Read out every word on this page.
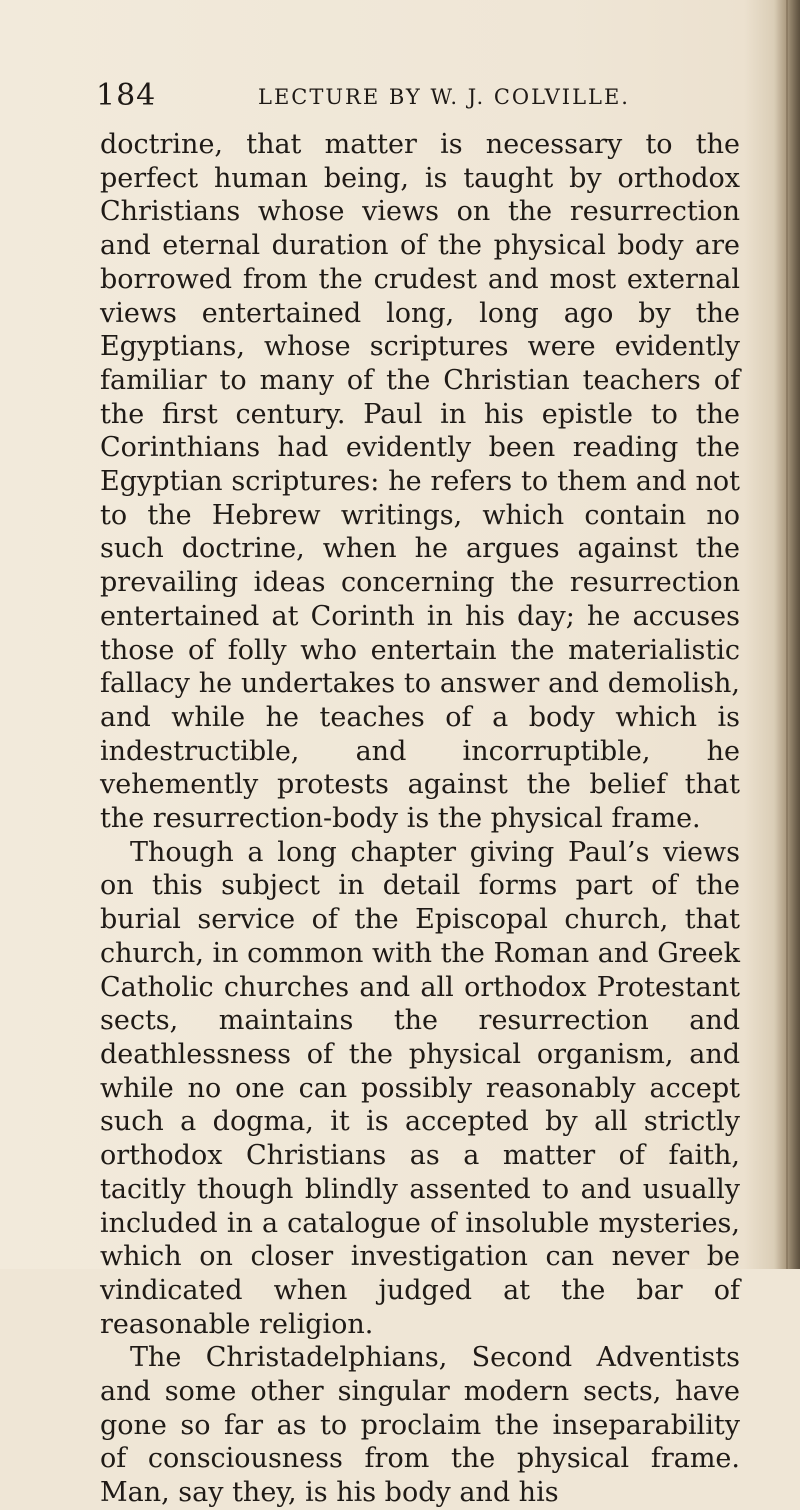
184	LECTURE BY W. J. COLVILLE.

doctrine, that matter is necessary to the perfect human being, is taught by orthodox Christians whose views on the resurrection and eternal duration of the physical body are borrowed from the crudest and most external views entertained long, long ago by the Egyptians, whose scriptures were evidently familiar to many of the Christian teachers of the first century. Paul in his epistle to the Corinthians had evidently been reading the Egyptian scriptures: he refers to them and not to the Hebrew writings, which contain no such doctrine, when he argues against the prevailing ideas concerning the resurrection entertained at Corinth in his day; he accuses those of folly who entertain the materialistic fallacy he undertakes to answer and demolish, and while he teaches of a body which is indestructible, and incorruptible, he vehemently protests against the belief that the resurrection-body is the physical frame.

Though a long chapter giving Paul’s views on this subject in detail forms part of the burial service of the Episcopal church, that church, in common with the Roman and Greek Catholic churches and all orthodox Protestant sects, maintains the resurrection and deathlessness of the physical organism, and while no one can possibly reasonably accept such a dogma, it is accepted by all strictly orthodox Christians as a matter of faith, tacitly though blindly assented to and usually included in a catalogue of insoluble mysteries, which on closer investigation can never be vindicated when judged at the bar of reasonable religion.

The Christadelphians, Second Adventists and some other singular modern sects, have gone so far as to proclaim the inseparability of consciousness from the physical frame. Man, say they, is his body and his
